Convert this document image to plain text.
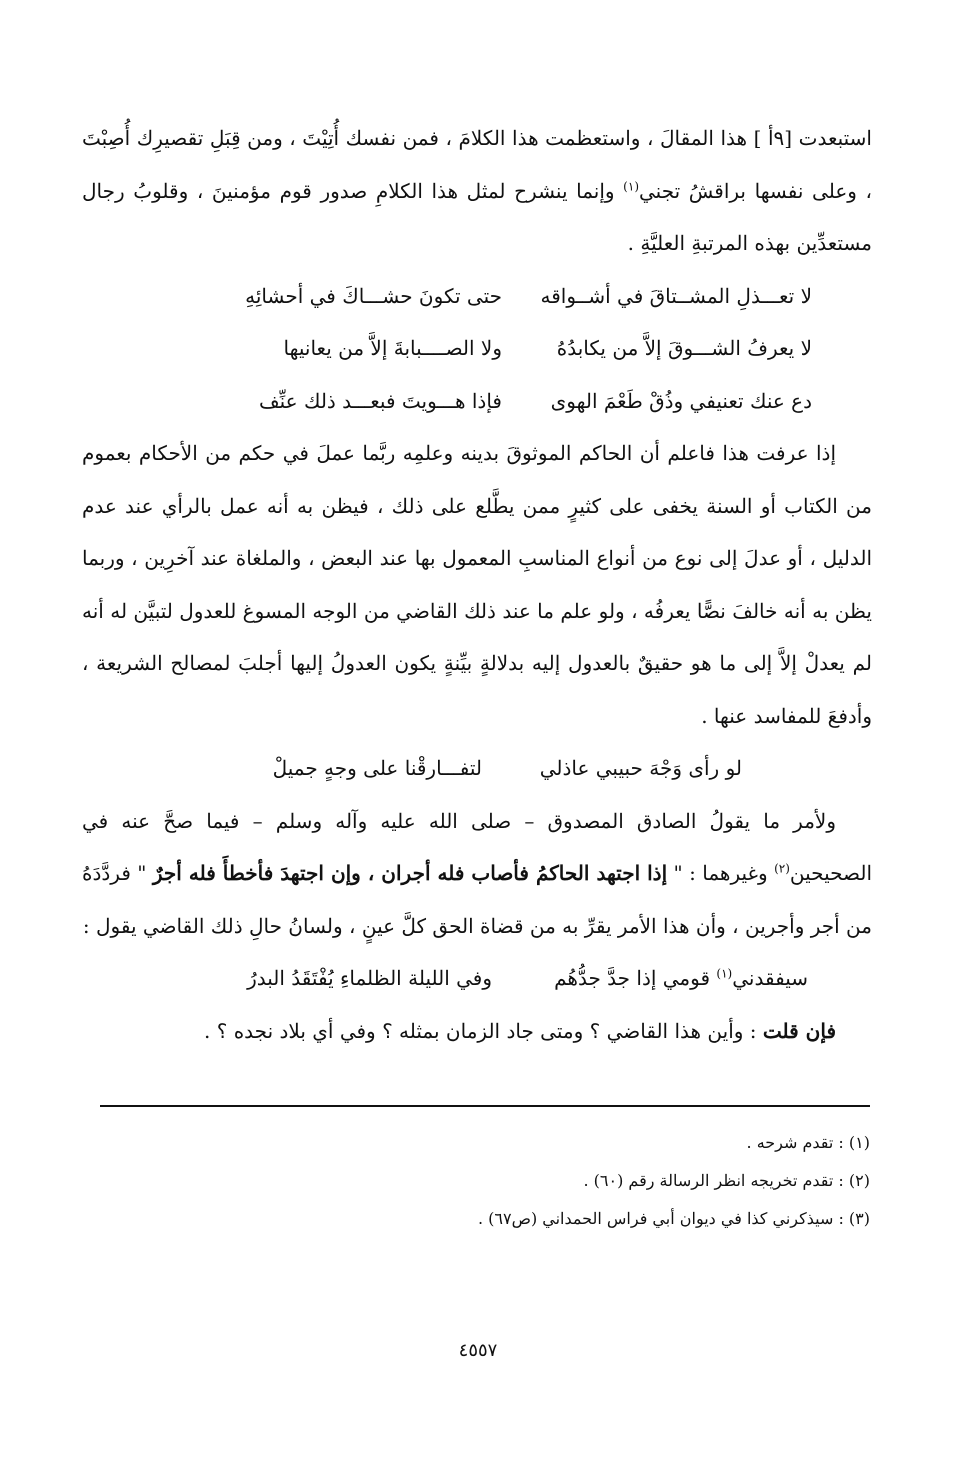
استبعدت [٩أ ] هذا المقالَ ، واستعظمت هذا الكلامَ ، فمن نفسك أُتِيْتَ ، ومن قِبَلِ تقصيرِك أُصِبْتَ ، وعلى نفسها براقشُ تجني$^{(١)}$ وإنما ينشرح لمثل هذا الكلامِ صدور قوم مؤمنينَ ، وقلوبُ رجال مستعدِّين بهذه المرتبةِ العليَّةِ .

لا تعـــذلِ المشــتاقَ في أشــواقه
حتى تكونَ حشـــاكَ في أحشائِهِ
لا يعرفُ الشـــوقَ إلاَّ من يكابدُهُ
ولا الصــــبابةَ إلاَّ من يعانيها
دع عنك تعنيفي وذُقْ طَعْمَ الهوى
فإذا هـــويتَ فبعـــد ذلك عنِّف

إذا عرفت هذا فاعلم أن الحاكم الموثوقَ بدينه وعلمِه ربَّما عملَ في حكم من الأحكام بعموم من الكتاب أو السنة يخفى على كثيرٍ ممن يطَّلع على ذلك ، فيظن به أنه عمل بالرأي عند عدم الدليل ، أو عدلَ إلى نوع من أنواع المناسبِ المعمول بها عند البعض ، والملغاة عند آخرِين ، وربما يظن به أنه خالفَ نصًّا يعرفُه ، ولو علم ما عند ذلك القاضي من الوجه المسوغ للعدول لتبيَّن له أنه لم يعدلْ إلاَّ إلى ما هو حقيقٌ بالعدول إليه بدلالةٍ بيِّنةٍ يكون العدولُ إليها أجلبَ لمصالح الشريعة ، وأدفعَ للمفاسد عنها .

لو رأى وَجْهَ حبيبي عاذلي
لتفـــارقْنا على وجهٍ جميلْ

ولأمر ما يقولُ الصادق المصدوق – صلى الله عليه وآله وسلم – فيما صحَّ عنه في الصحيحين$^{(٢)}$ وغيرهما : " إذا اجتهد الحاكمُ فأصاب فله أجران ، وإن اجتهدَ فأخطأَ فله أجرٌ " فردَّدَهُ من أجر وأجرين ، وأن هذا الأمر يقرِّ به من قضاة الحق كلَّ عينٍ ، ولسانُ حالِ ذلك القاضي يقول :

سيفقدني$^{(١)}$ قومي إذا جدَّ جدُّهُم
وفي الليلة الظلماءِ يُفْتَقَدُ البدرُ

فإن قلت : وأين هذا القاضي ؟ ومتى جاد الزمان بمثله ؟ وفي أي بلاد نجده ؟ .

(١) : تقدم شرحه .
(٢) : تقدم تخريجه انظر الرسالة رقم (٦٠) .
(٣) : سيذكرني كذا في ديوان أبي فراس الحمداني (ص٦٧) .
٤٥٥٧
